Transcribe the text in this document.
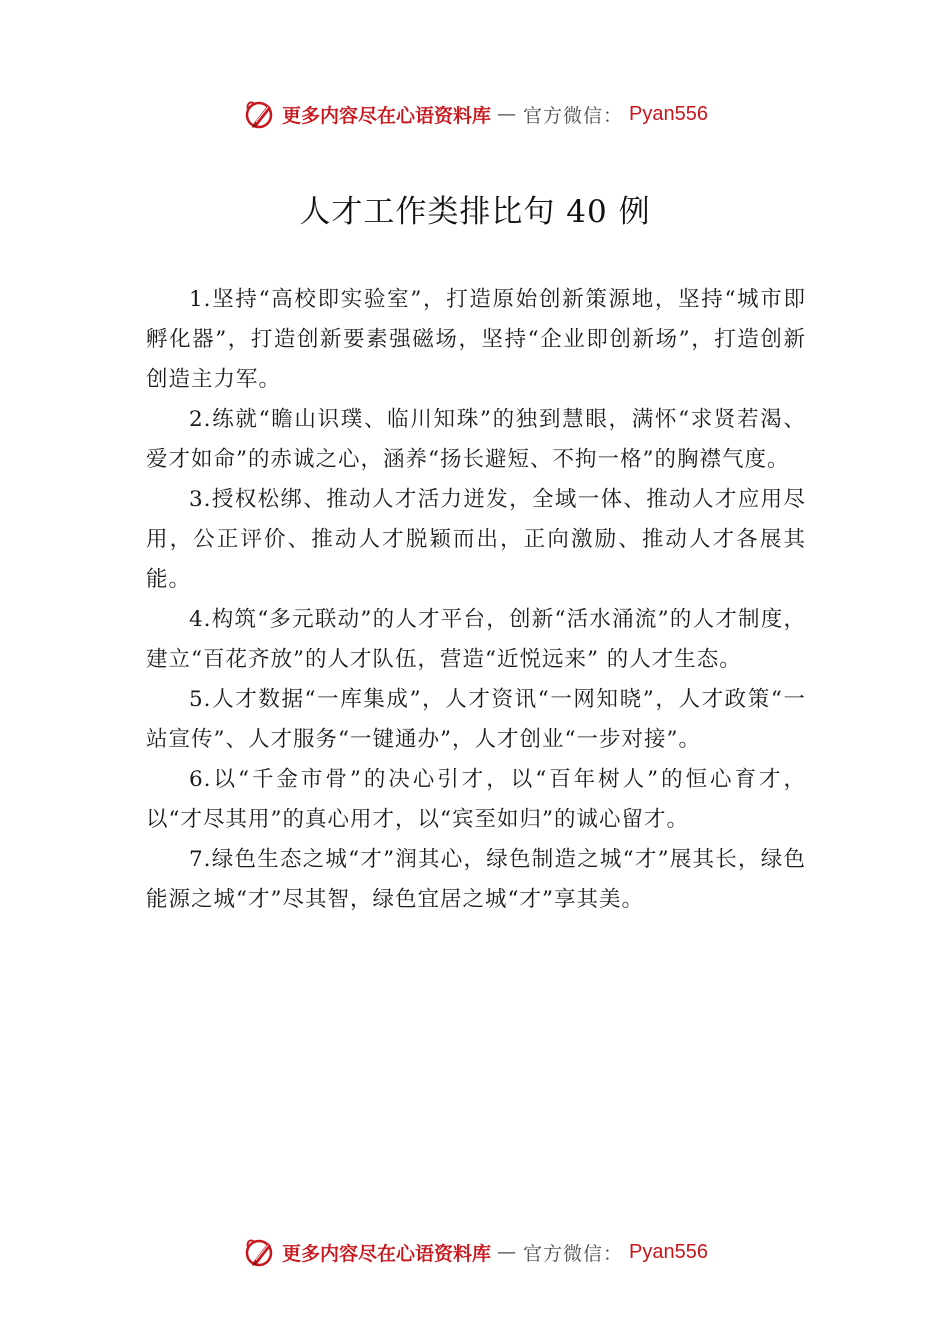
更多内容尽在心语资料库 — 官方微信： Pyan556
人才工作类排比句 40 例

1.坚持“高校即实验室”，打造原始创新策源地，坚持“城市即孵化器”，打造创新要素强磁场，坚持“企业即创新场”，打造创新创造主力军。

2.练就“瞻山识璞、临川知珠”的独到慧眼，满怀“求贤若渴、爱才如命”的赤诚之心，涵养“扬长避短、不拘一格”的胸襟气度。

3.授权松绑、推动人才活力迸发，全域一体、推动人才应用尽用，公正评价、推动人才脱颖而出，正向激励、推动人才各展其能。

4.构筑“多元联动”的人才平台，创新“活水涌流”的人才制度，建立“百花齐放”的人才队伍，营造“近悦远来” 的人才生态。

5.人才数据“一库集成”，人才资讯“一网知晓”，人才政策“一站宣传”、人才服务“一键通办”，人才创业“一步对接”。

6.以“千金市骨”的决心引才，以“百年树人”的恒心育才，以“才尽其用”的真心用才，以“宾至如归”的诚心留才。

7.绿色生态之城“才”润其心，绿色制造之城“才”展其长，绿色能源之城“才”尽其智，绿色宜居之城“才”享其美。

更多内容尽在心语资料库 — 官方微信： Pyan556
